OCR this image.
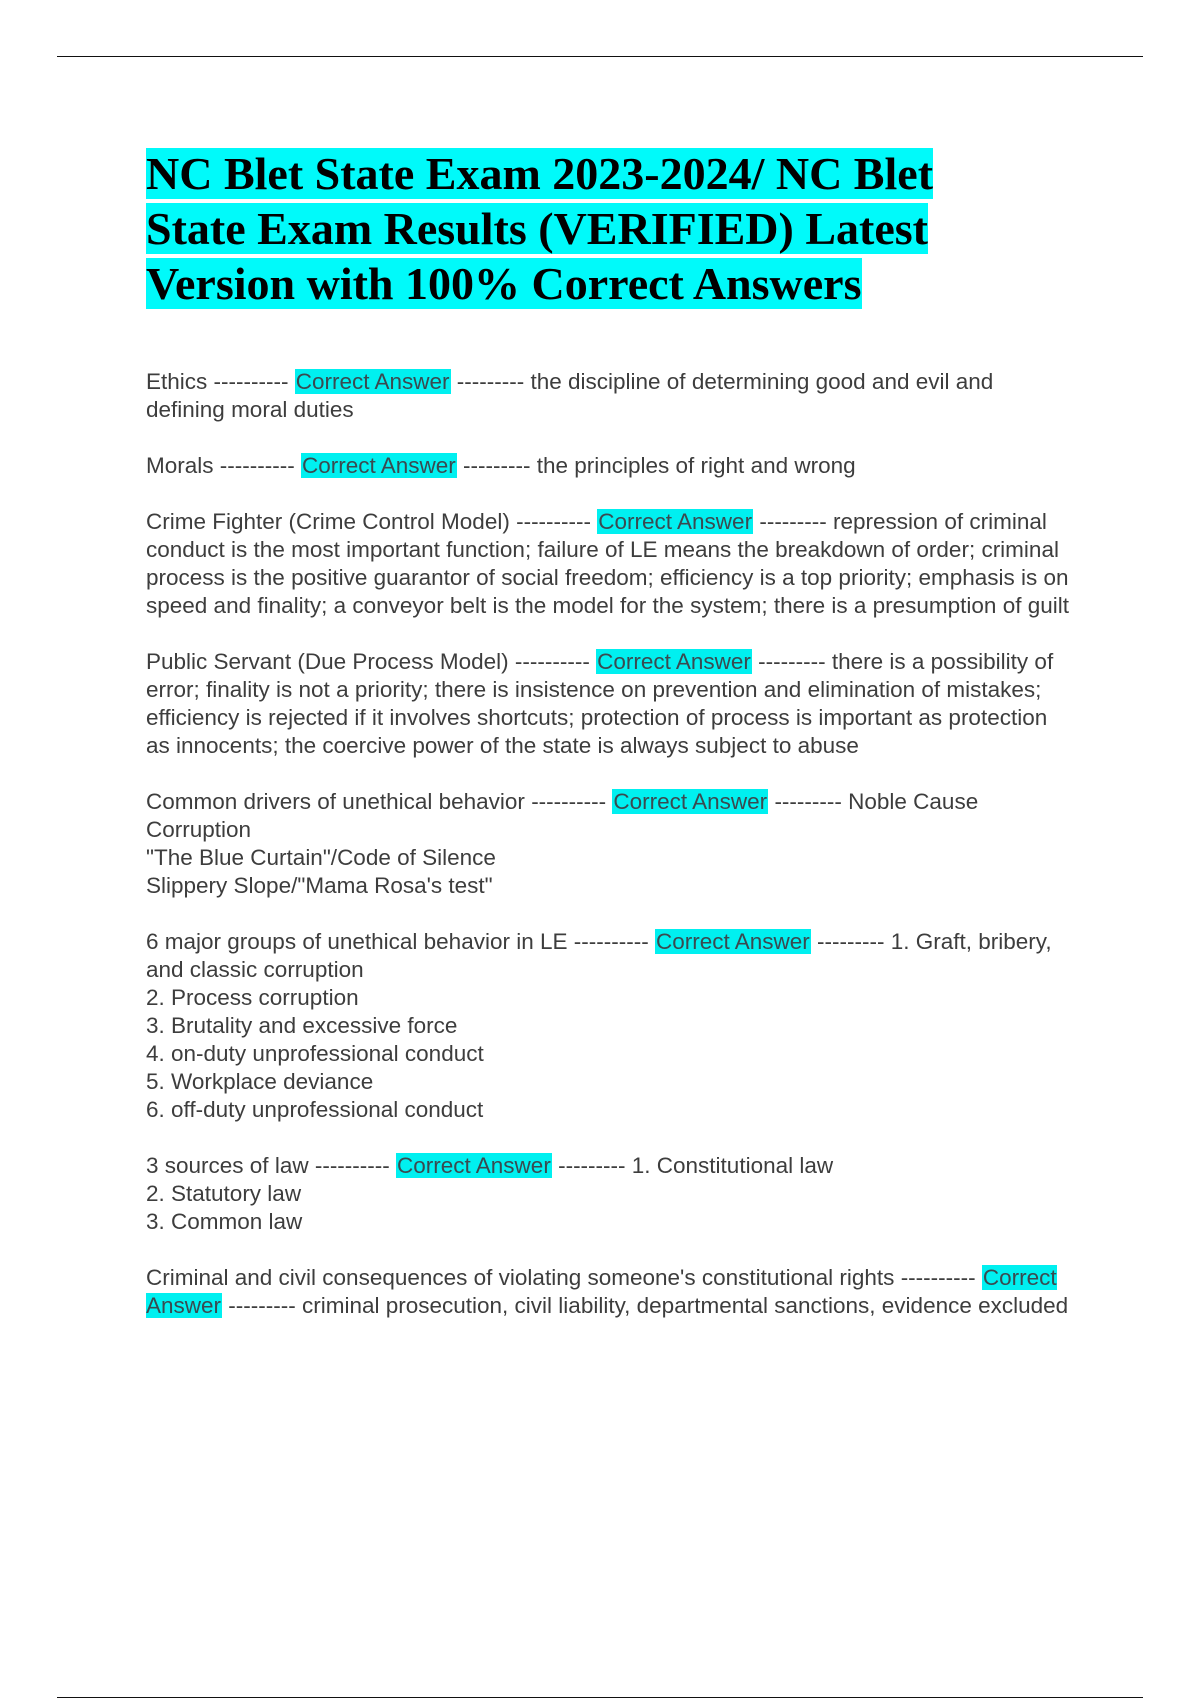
NC Blet State Exam 2023-2024/ NC Blet State Exam Results (VERIFIED) Latest Version with 100% Correct Answers

Ethics ---------- Correct Answer --------- the discipline of determining good and evil and defining moral duties

Morals ---------- Correct Answer --------- the principles of right and wrong

Crime Fighter (Crime Control Model) ---------- Correct Answer --------- repression of criminal conduct is the most important function; failure of LE means the breakdown of order; criminal process is the positive guarantor of social freedom; efficiency is a top priority; emphasis is on speed and finality; a conveyor belt is the model for the system; there is a presumption of guilt

Public Servant (Due Process Model) ---------- Correct Answer --------- there is a possibility of error; finality is not a priority; there is insistence on prevention and elimination of mistakes; efficiency is rejected if it involves shortcuts; protection of process is important as protection as innocents; the coercive power of the state is always subject to abuse

Common drivers of unethical behavior ---------- Correct Answer --------- Noble Cause Corruption
"The Blue Curtain"/Code of Silence
Slippery Slope/"Mama Rosa's test"

6 major groups of unethical behavior in LE ---------- Correct Answer --------- 1. Graft, bribery, and classic corruption
2. Process corruption
3. Brutality and excessive force
4. on-duty unprofessional conduct
5. Workplace deviance
6. off-duty unprofessional conduct

3 sources of law ---------- Correct Answer --------- 1. Constitutional law
2. Statutory law
3. Common law

Criminal and civil consequences of violating someone's constitutional rights ---------- Correct Answer --------- criminal prosecution, civil liability, departmental sanctions, evidence excluded
